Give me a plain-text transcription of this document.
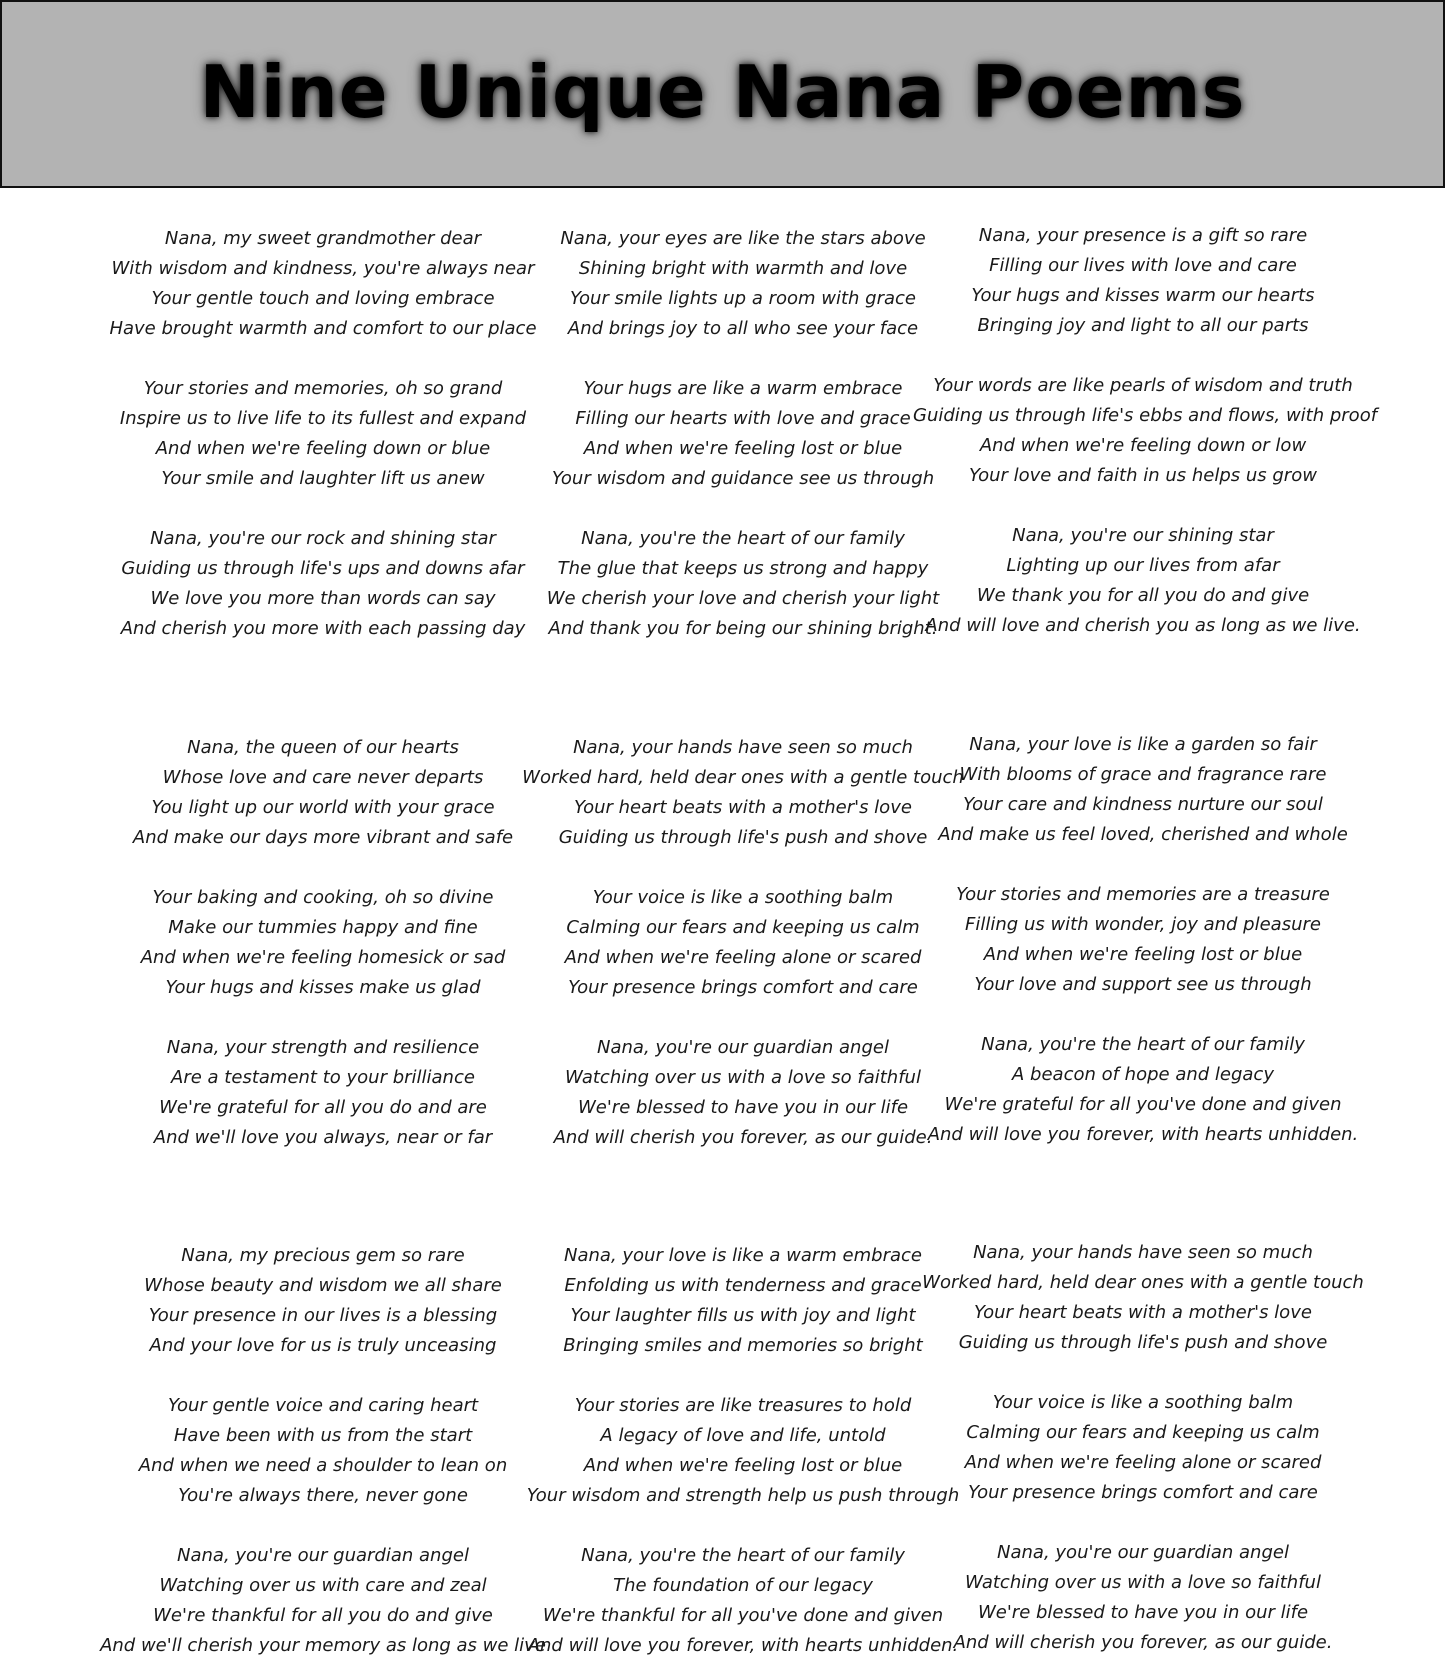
Nine Unique Nana Poems
Nana, my sweet grandmother dear
With wisdom and kindness, you're always near
Your gentle touch and loving embrace
Have brought warmth and comfort to our place
Your stories and memories, oh so grand
Inspire us to live life to its fullest and expand
And when we're feeling down or blue
Your smile and laughter lift us anew
Nana, you're our rock and shining star
Guiding us through life's ups and downs afar
We love you more than words can say
And cherish you more with each passing day
Nana, your eyes are like the stars above
Shining bright with warmth and love
Your smile lights up a room with grace
And brings joy to all who see your face
Your hugs are like a warm embrace
Filling our hearts with love and grace
And when we're feeling lost or blue
Your wisdom and guidance see us through
Nana, you're the heart of our family
The glue that keeps us strong and happy
We cherish your love and cherish your light
And thank you for being our shining bright.
Nana, your presence is a gift so rare
Filling our lives with love and care
Your hugs and kisses warm our hearts
Bringing joy and light to all our parts
Your words are like pearls of wisdom and truth
Guiding us through life's ebbs and flows, with proof
And when we're feeling down or low
Your love and faith in us helps us grow
Nana, you're our shining star
Lighting up our lives from afar
We thank you for all you do and give
And will love and cherish you as long as we live.
Nana, the queen of our hearts
Whose love and care never departs
You light up our world with your grace
And make our days more vibrant and safe
Your baking and cooking, oh so divine
Make our tummies happy and fine
And when we're feeling homesick or sad
Your hugs and kisses make us glad
Nana, your strength and resilience
Are a testament to your brilliance
We're grateful for all you do and are
And we'll love you always, near or far
Nana, your hands have seen so much
Worked hard, held dear ones with a gentle touch
Your heart beats with a mother's love
Guiding us through life's push and shove
Your voice is like a soothing balm
Calming our fears and keeping us calm
And when we're feeling alone or scared
Your presence brings comfort and care
Nana, you're our guardian angel
Watching over us with a love so faithful
We're blessed to have you in our life
And will cherish you forever, as our guide.
Nana, your love is like a garden so fair
With blooms of grace and fragrance rare
Your care and kindness nurture our soul
And make us feel loved, cherished and whole
Your stories and memories are a treasure
Filling us with wonder, joy and pleasure
And when we're feeling lost or blue
Your love and support see us through
Nana, you're the heart of our family
A beacon of hope and legacy
We're grateful for all you've done and given
And will love you forever, with hearts unhidden.
Nana, my precious gem so rare
Whose beauty and wisdom we all share
Your presence in our lives is a blessing
And your love for us is truly unceasing
Your gentle voice and caring heart
Have been with us from the start
And when we need a shoulder to lean on
You're always there, never gone
Nana, you're our guardian angel
Watching over us with care and zeal
We're thankful for all you do and give
And we'll cherish your memory as long as we live
Nana, your love is like a warm embrace
Enfolding us with tenderness and grace
Your laughter fills us with joy and light
Bringing smiles and memories so bright
Your stories are like treasures to hold
A legacy of love and life, untold
And when we're feeling lost or blue
Your wisdom and strength help us push through
Nana, you're the heart of our family
The foundation of our legacy
We're thankful for all you've done and given
And will love you forever, with hearts unhidden.
Nana, your hands have seen so much
Worked hard, held dear ones with a gentle touch
Your heart beats with a mother's love
Guiding us through life's push and shove
Your voice is like a soothing balm
Calming our fears and keeping us calm
And when we're feeling alone or scared
Your presence brings comfort and care
Nana, you're our guardian angel
Watching over us with a love so faithful
We're blessed to have you in our life
And will cherish you forever, as our guide.
